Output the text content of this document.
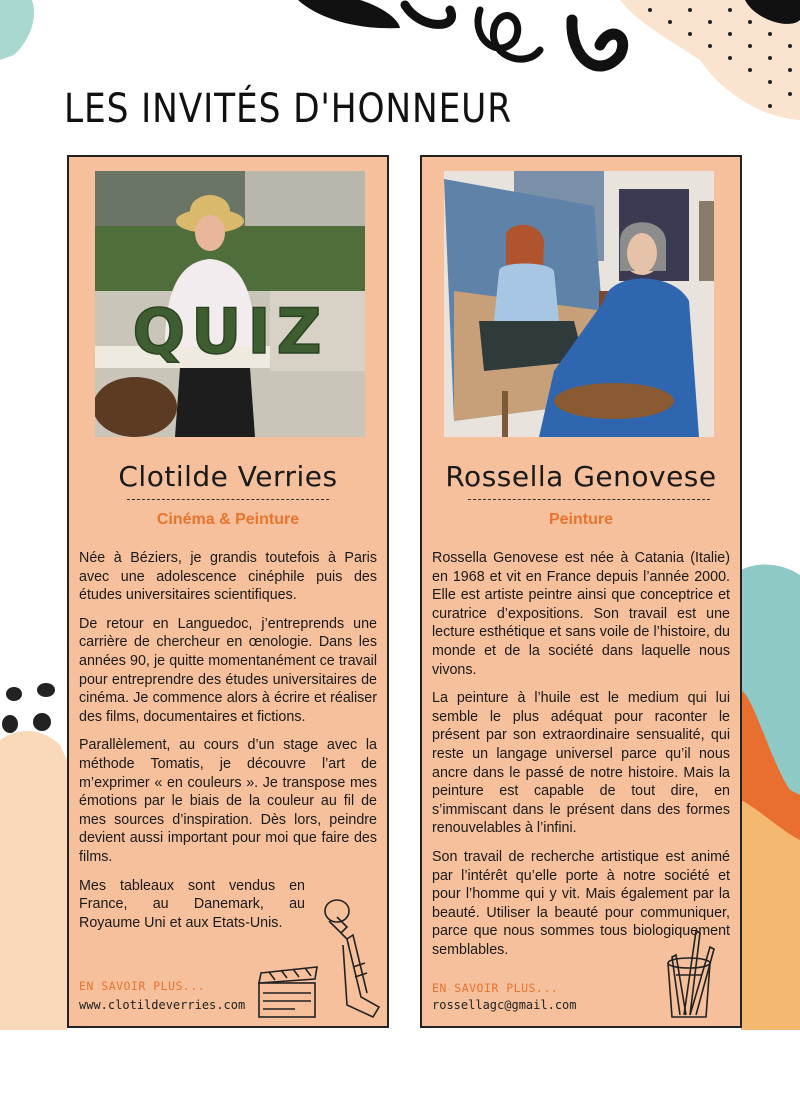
LES INVITÉS D'HONNEUR
QUIZ
Clotilde Verries
Cinéma & Peinture

Née à Béziers, je grandis toutefois à Paris avec une adolescence cinéphile puis des études universitaires scientifiques.

De retour en Languedoc, j’entreprends une carrière de chercheur en œnologie. Dans les années 90, je quitte momentanément ce travail pour entreprendre des études universitaires de cinéma. Je commence alors à écrire et réaliser des films, documentaires et fictions.

Parallèlement, au cours d’un stage avec la méthode Tomatis, je découvre l’art de m’exprimer « en couleurs ». Je transpose mes émotions par le biais de la couleur au fil de mes sources d’inspiration. Dès lors, peindre devient aussi important pour moi que faire des films.

Mes tableaux sont vendus en France, au Danemark, au Royaume Uni et aux Etats-Unis.

EN SAVOIR PLUS...
www.clotildeverries.com
Rossella Genovese
Peinture

Rossella Genovese est née à Catania (Italie) en 1968 et vit en France depuis l’année 2000. Elle est artiste peintre ainsi que conceptrice et curatrice d’expositions. Son travail est une lecture esthétique et sans voile de l’histoire, du monde et de la société dans laquelle nous vivons.

La peinture à l’huile est le medium qui lui semble le plus adéquat pour raconter le présent par son extraordinaire sensualité, qui reste un langage universel parce qu’il nous ancre dans le passé de notre histoire. Mais la peinture est capable de tout dire, en s’immiscant dans le présent dans des formes renouvelables à l’infini.

Son travail de recherche artistique est animé par l’intérêt qu’elle porte à notre société et pour l’homme qui y vit. Mais également par la beauté. Utiliser la beauté pour communiquer, parce que nous sommes tous biologiquement semblables.

EN SAVOIR PLUS...
rossellagc@gmail.com
